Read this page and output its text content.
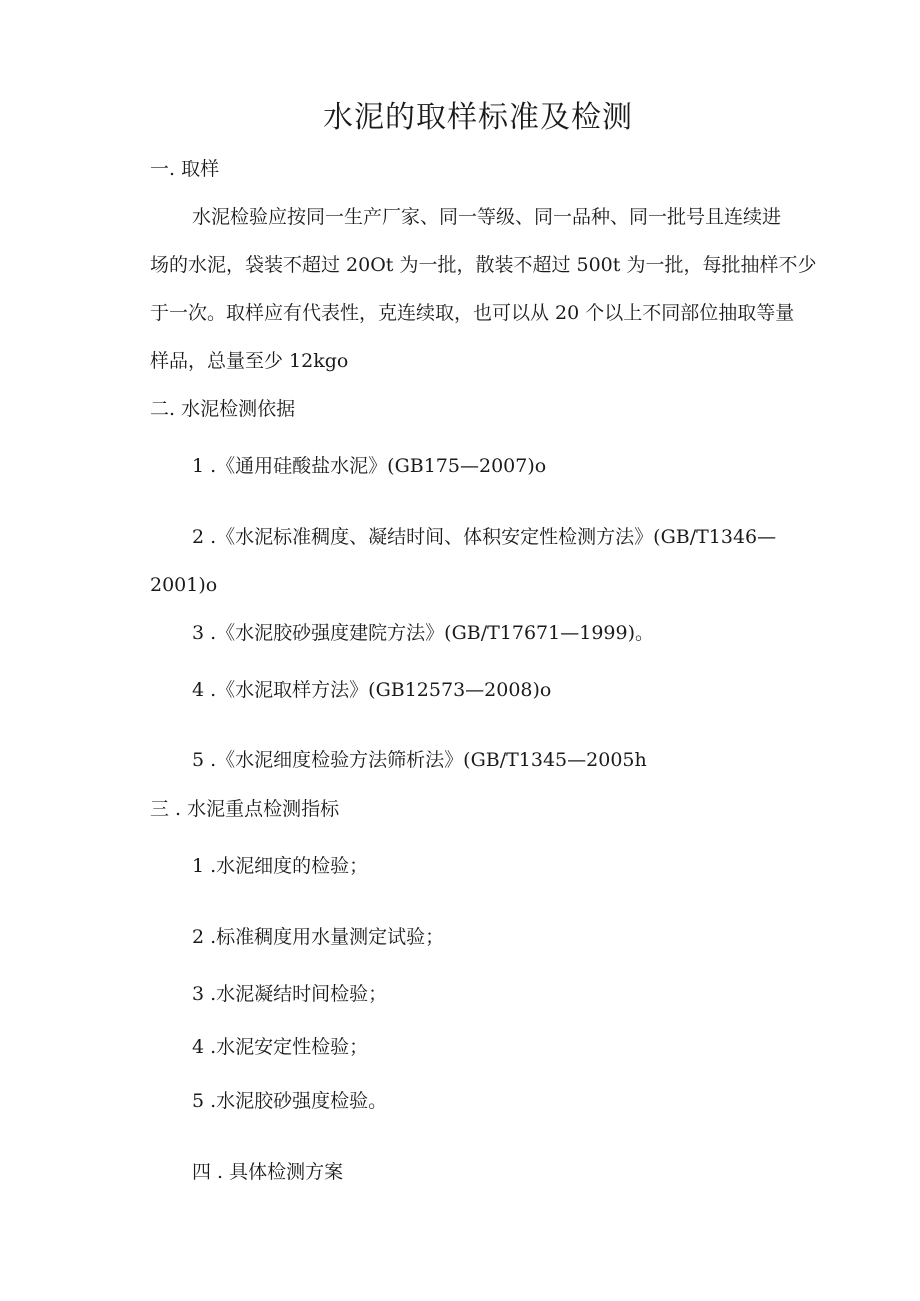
水泥的取样标准及检测
一. 取样
水泥检验应按同一生产厂家、同一等级、同一品种、同一批号且连续进
场的水泥，袋装不超过 20Ot 为一批，散装不超过 500t 为一批，每批抽样不少
于一次。取样应有代表性，克连续取，也可以从 20 个以上不同部位抽取等量
样品，总量至少 12kgo
二. 水泥检测依据
1 .《通用硅酸盐水泥》(GB175—2007)o
2 .《水泥标准稠度、凝结时间、体积安定性检测方法》(GB/T1346—
2001)o
3 .《水泥胶砂强度建院方法》(GB/T17671—1999)。
4 .《水泥取样方法》(GB12573—2008)o
5 .《水泥细度检验方法筛析法》(GB/T1345—2005h
三 . 水泥重点检测指标
1 .水泥细度的检验；
2 .标准稠度用水量测定试验；
3 .水泥凝结时间检验；
4 .水泥安定性检验；
5 .水泥胶砂强度检验。
四 . 具体检测方案
